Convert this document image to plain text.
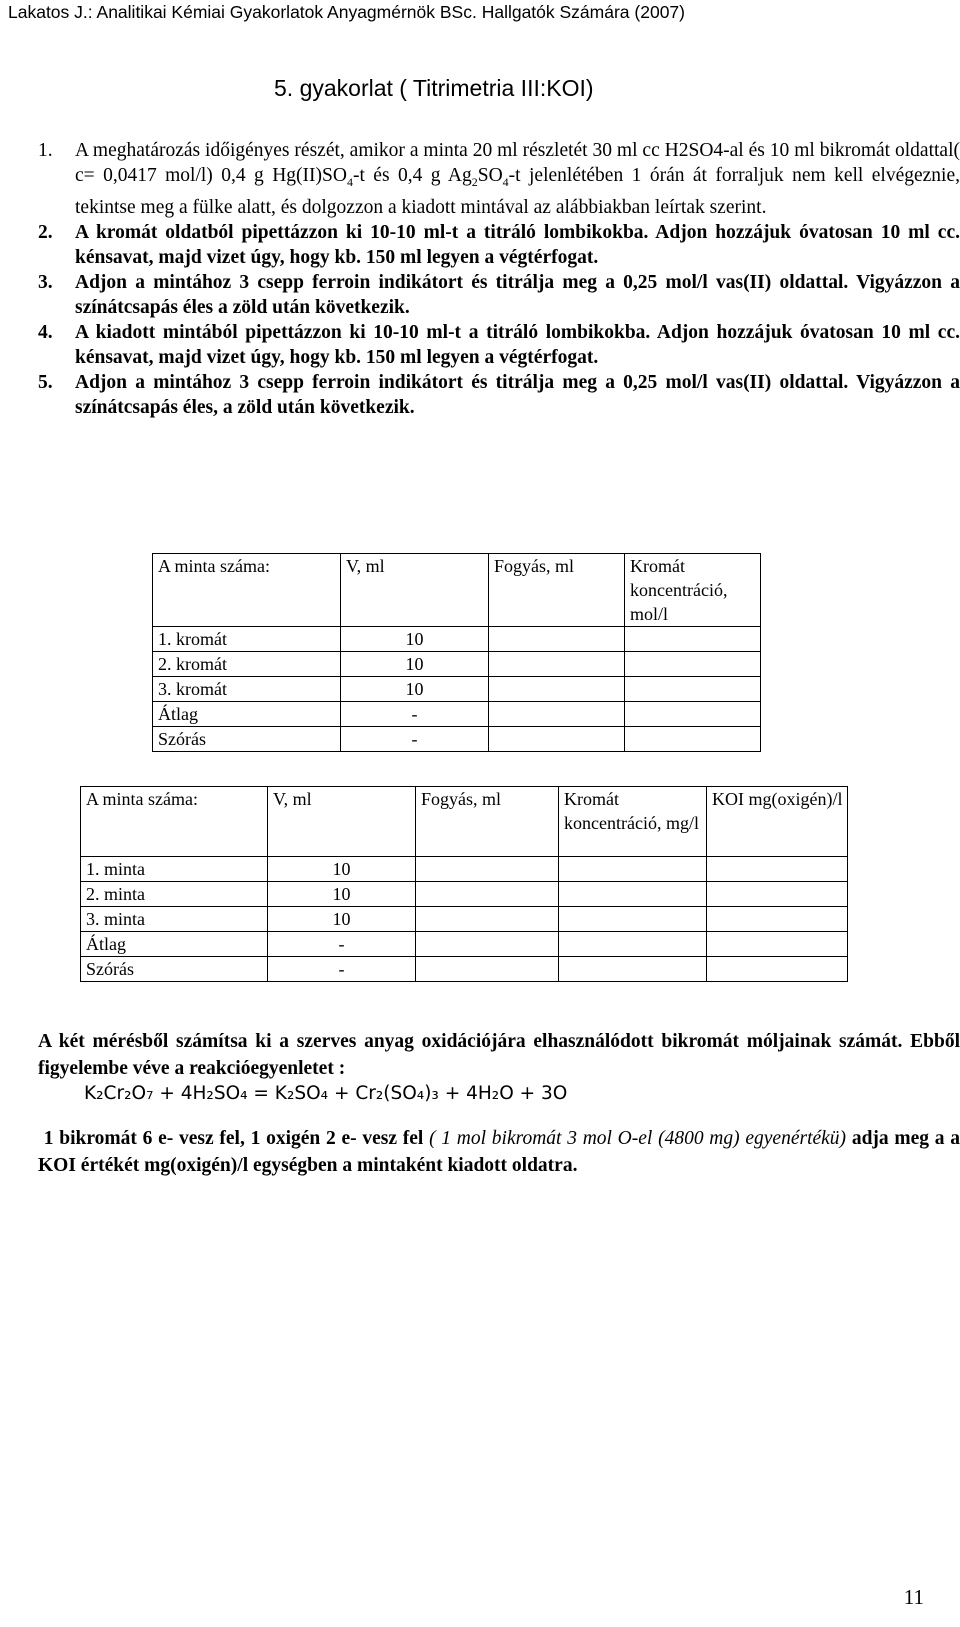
Lakatos J.: Analitikai Kémiai Gyakorlatok Anyagmérnök BSc. Hallgatók Számára (2007)
5. gyakorlat ( Titrimetria III:KOI)
1.	A meghatározás időigényes részét, amikor a minta 20 ml részletét 30 ml cc H2SO4-al és 10 ml bikromát oldattal( c= 0,0417 mol/l) 0,4 g $Hg(II)SO_4-t$ és 0,4 g $Ag_2SO_4-t$ jelenlétében 1 órán át forraljuk nem kell elvégeznie, tekintse meg a fülke alatt, és dolgozzon a kiadott mintával az alábbiakban leírtak szerint.
2.	A kromát oldatból pipettázzon ki 10-10 ml-t a titráló lombikokba. Adjon hozzájuk óvatosan 10 ml cc. kénsavat, majd vizet úgy, hogy kb. 150 ml legyen a végtérfogat.
3.	Adjon a mintához 3 csepp ferroin indikátort és titrálja meg a 0,25 mol/l vas(II) oldattal. Vigyázzon a színátcsapás éles a zöld után következik.
4.	A kiadott mintából pipettázzon ki 10-10 ml-t a titráló lombikokba. Adjon hozzájuk óvatosan 10 ml cc. kénsavat, majd vizet úgy, hogy kb. 150 ml legyen a végtérfogat.
5.	Adjon a mintához 3 csepp ferroin indikátort és titrálja meg a 0,25 mol/l vas(II) oldattal. Vigyázzon a színátcsapás éles, a zöld után következik.
A minta száma:	V, ml	Fogyás, ml	Kromát koncentráció, mol/l
1. kromát	10		
2. kromát	10		
3. kromát	10		
Átlag	-		
Szórás	-		
A minta száma:	V, ml	Fogyás, ml	Kromát koncentráció, mg/l	KOI mg(oxigén)/l
1. minta	10			
2. minta	10			
3. minta	10			
Átlag	-			
Szórás	-			
A két mérésből számítsa ki a szerves anyag oxidációjára elhasználódott bikromát móljainak számát. Ebből figyelembe véve a reakcióegyenletet :
K₂Cr₂O₇ + 4H₂SO₄ = K₂SO₄ + Cr₂(SO₄)₃ + 4H₂O + 3O
1 bikromát 6 e- vesz fel, 1 oxigén 2 e- vesz fel ( 1 mol bikromát 3 mol O-el (4800 mg) egyenértékü) adja meg a a KOI értékét mg(oxigén)/l egységben a mintaként kiadott oldatra.
11
